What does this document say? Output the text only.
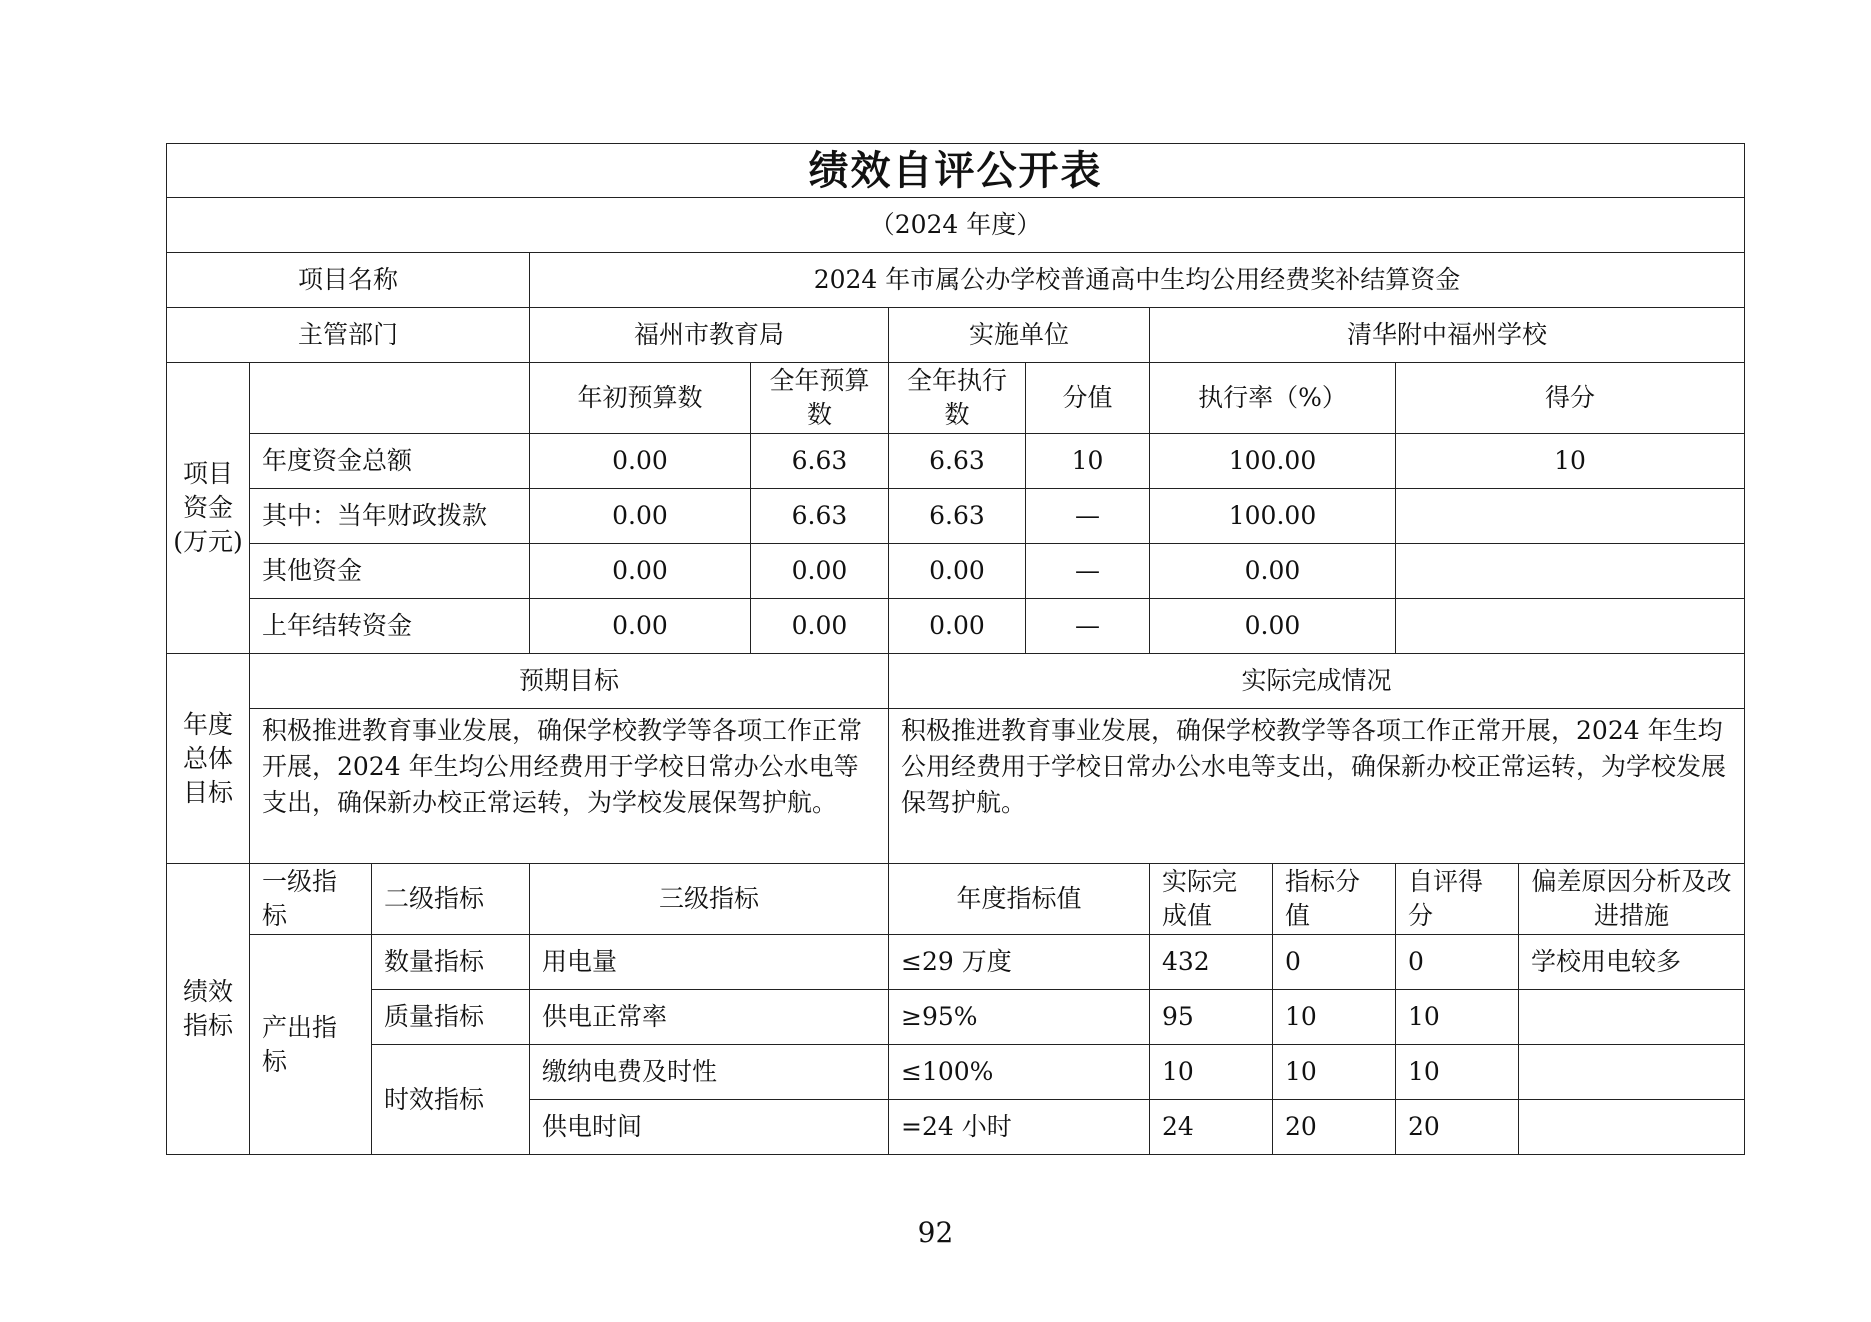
绩效自评公开表										
（2024 年度）										
项目名称			2024 年市属公办学校普通高中生均公用经费奖补结算资金							
主管部门			福州市教育局		实施单位		清华附中福州学校			
项目资金(万元)			年初预算数	全年预算数	全年执行数	分值	执行率（%）		得分	
	年度资金总额		0.00	6.63	6.63	10	100.00		10	
	其中：当年财政拨款		0.00	6.63	6.63	—	100.00			
	其他资金		0.00	0.00	0.00	—	0.00			
	上年结转资金		0.00	0.00	0.00	—	0.00			
年度总体目标	预期目标				实际完成情况					
	积极推进教育事业发展，确保学校教学等各项工作正常开展，2024 年生均公用经费用于学校日常办公水电等支出，确保新办校正常运转，为学校发展保驾护航。				积极推进教育事业发展，确保学校教学等各项工作正常开展，2024 年生均公用经费用于学校日常办公水电等支出，确保新办校正常运转，为学校发展保驾护航。					
绩效指标	一级指标	二级指标	三级指标		年度指标值		实际完成值	指标分值	自评得分	偏差原因分析及改进措施
	产出指标	数量指标	用电量		≤29 万度		432	0	0	学校用电较多
		质量指标	供电正常率		≥95%		95	10	10	
		时效指标	缴纳电费及时性		≤100%		10	10	10	
			供电时间		=24 小时		24	20	20	
92
